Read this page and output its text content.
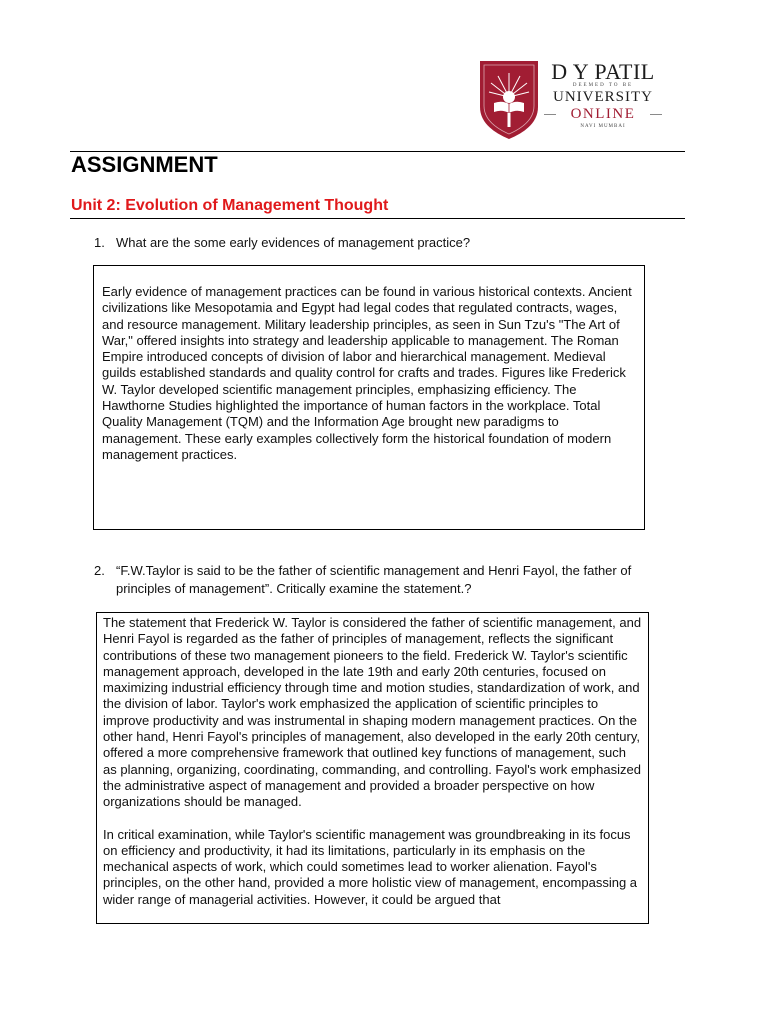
D Y PATIL
DEEMED TO BE
UNIVERSITY
ONLINE
NAVI MUMBAI
ASSIGNMENT
Unit 2: Evolution of Management Thought
1. What are the some early evidences of management practice?

Early evidence of management practices can be found in various historical contexts. Ancient civilizations like Mesopotamia and Egypt had legal codes that regulated contracts, wages, and resource management. Military leadership principles, as seen in Sun Tzu's "The Art of War," offered insights into strategy and leadership applicable to management. The Roman Empire introduced concepts of division of labor and hierarchical management. Medieval guilds established standards and quality control for crafts and trades. Figures like Frederick W. Taylor developed scientific management principles, emphasizing efficiency. The Hawthorne Studies highlighted the importance of human factors in the workplace. Total Quality Management (TQM) and the Information Age brought new paradigms to management. These early examples collectively form the historical foundation of modern management practices.

2. “F.W.Taylor is said to be the father of scientific management and Henri Fayol, the father of principles of management”. Critically examine the statement.?

The statement that Frederick W. Taylor is considered the father of scientific management, and Henri Fayol is regarded as the father of principles of management, reflects the significant contributions of these two management pioneers to the field. Frederick W. Taylor's scientific management approach, developed in the late 19th and early 20th centuries, focused on maximizing industrial efficiency through time and motion studies, standardization of work, and the division of labor. Taylor's work emphasized the application of scientific principles to improve productivity and was instrumental in shaping modern management practices. On the other hand, Henri Fayol's principles of management, also developed in the early 20th century, offered a more comprehensive framework that outlined key functions of management, such as planning, organizing, coordinating, commanding, and controlling. Fayol's work emphasized the administrative aspect of management and provided a broader perspective on how organizations should be managed.

In critical examination, while Taylor's scientific management was groundbreaking in its focus on efficiency and productivity, it had its limitations, particularly in its emphasis on the mechanical aspects of work, which could sometimes lead to worker alienation. Fayol's principles, on the other hand, provided a more holistic view of management, encompassing a wider range of managerial activities. However, it could be argued that
